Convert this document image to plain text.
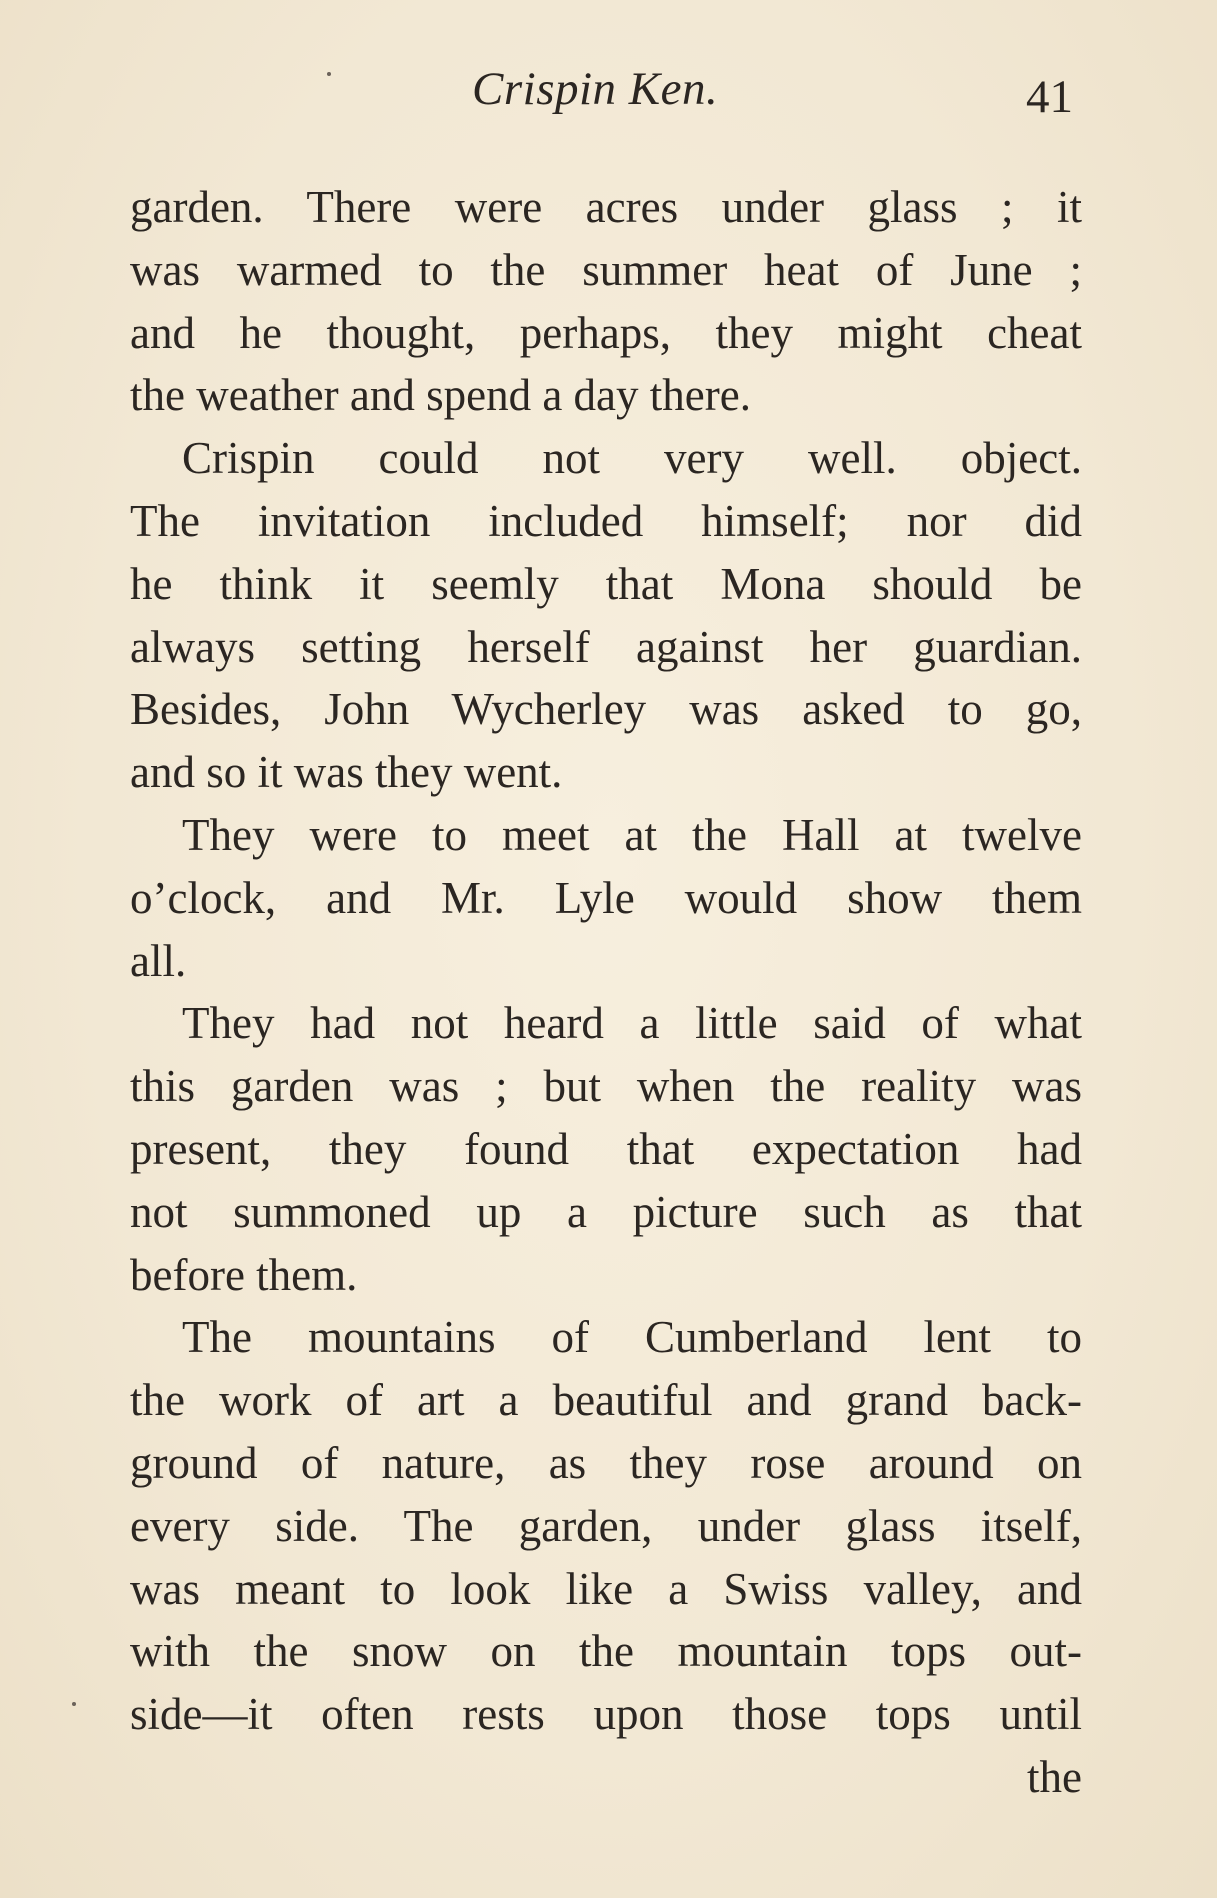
Crispin Ken.	41
garden. There were acres under glass ; it
was warmed to the summer heat of June ;
and he thought, perhaps, they might cheat
the weather and spend a day there.
Crispin could not very well. object.
The invitation included himself; nor did
he think it seemly that Mona should be
always setting herself against her guardian.
Besides, John Wycherley was asked to go,
and so it was they went.
They were to meet at the Hall at twelve
o’clock, and Mr. Lyle would show them
all.
They had not heard a little said of what
this garden was ; but when the reality was
present, they found that expectation had
not summoned up a picture such as that
before them.
The mountains of Cumberland lent to
the work of art a beautiful and grand back-
ground of nature, as they rose around on
every side. The garden, under glass itself,
was meant to look like a Swiss valley, and
with the snow on the mountain tops out-
side—it often rests upon those tops until
the
